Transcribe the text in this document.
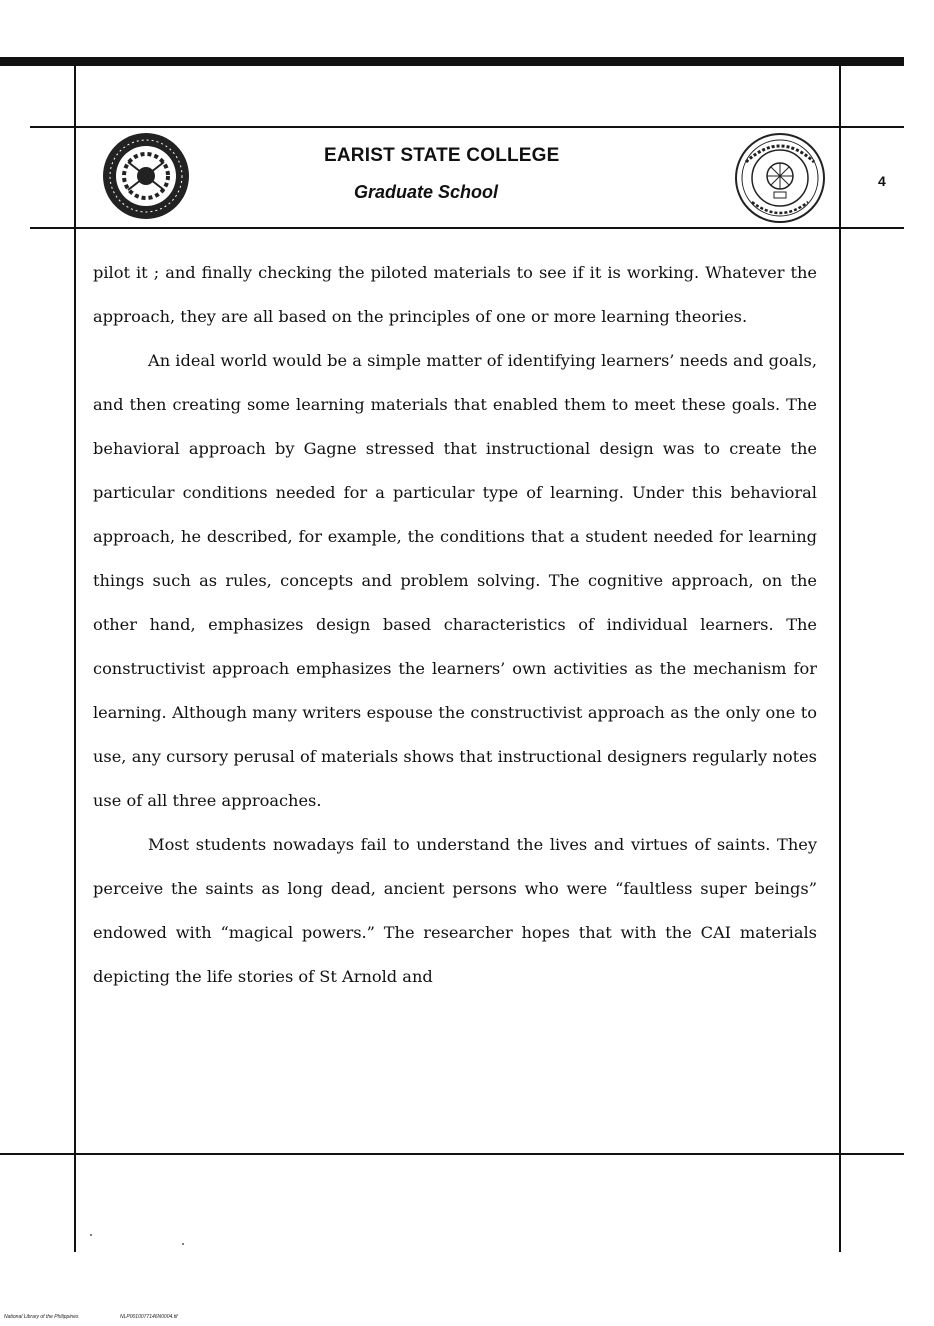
EARIST STATE COLLEGE
Graduate School
4

pilot it ; and finally checking the piloted materials to see if it is working. Whatever the approach, they are all based on the principles of one or more learning theories.

An ideal world would be a simple matter of identifying learners’ needs and goals, and then creating some learning materials that enabled them to meet these goals. The behavioral approach by Gagne stressed that instructional design was to create the particular conditions needed for a particular type of learning. Under this behavioral approach, he described, for example, the conditions that a student needed for learning things such as rules, concepts and problem solving. The cognitive approach, on the other hand, emphasizes design based characteristics of individual learners. The constructivist approach emphasizes the learners’ own activities as the mechanism for learning. Although many writers espouse the constructivist approach as the only one to use, any cursory perusal of materials shows that instructional designers regularly notes use of all three approaches.

Most students nowadays fail to understand the lives and virtues of saints. They perceive the saints as long dead, ancient persons who were “faultless super beings” endowed with “magical powers.” The researcher hopes that with the CAI materials depicting the life stories of St Arnold and

National Library of the Philippines	NLP0010077146N0004.tif
